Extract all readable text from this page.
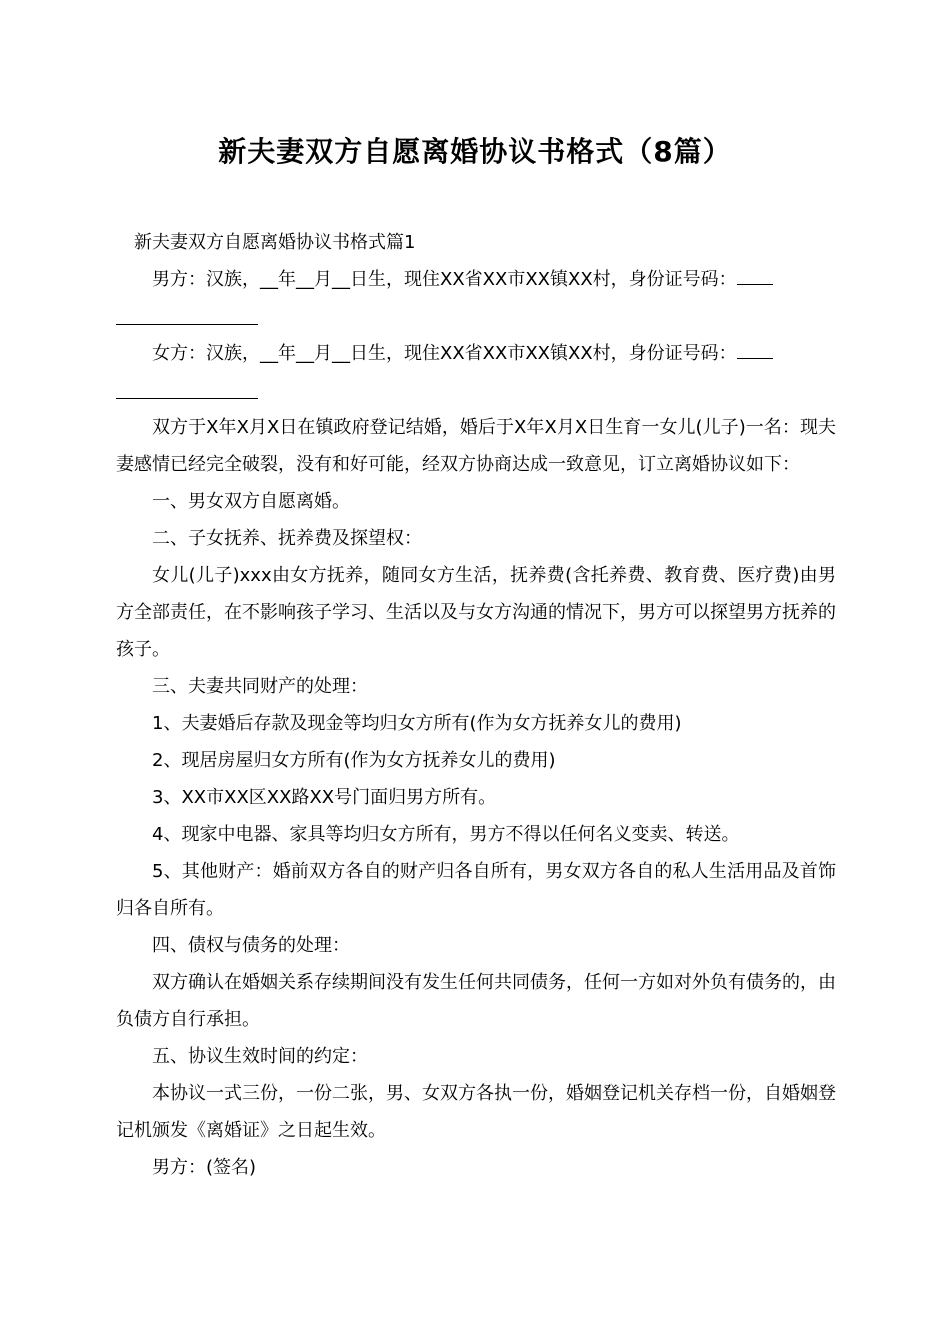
新夫妻双方自愿离婚协议书格式（8篇）

新夫妻双方自愿离婚协议书格式篇1

男方：汉族，__年__月__日生，现住XX省XX市XX镇XX村，身份证号码：

女方：汉族，__年__月__日生，现住XX省XX市XX镇XX村，身份证号码：

双方于X年X月X日在镇政府登记结婚，婚后于X年X月X日生育一女儿(儿子)一名：现夫妻感情已经完全破裂，没有和好可能，经双方协商达成一致意见，订立离婚协议如下：

一、男女双方自愿离婚。

二、子女抚养、抚养费及探望权：

女儿(儿子)xxx由女方抚养，随同女方生活，抚养费(含托养费、教育费、医疗费)由男方全部责任，在不影响孩子学习、生活以及与女方沟通的情况下，男方可以探望男方抚养的孩子。

三、夫妻共同财产的处理：

1、夫妻婚后存款及现金等均归女方所有(作为女方抚养女儿的费用)

2、现居房屋归女方所有(作为女方抚养女儿的费用)

3、XX市XX区XX路XX号门面归男方所有。

4、现家中电器、家具等均归女方所有，男方不得以任何名义变卖、转送。

5、其他财产：婚前双方各自的财产归各自所有，男女双方各自的私人生活用品及首饰归各自所有。

四、债权与债务的处理：

双方确认在婚姻关系存续期间没有发生任何共同债务，任何一方如对外负有债务的，由负债方自行承担。

五、协议生效时间的约定：

本协议一式三份，一份二张，男、女双方各执一份，婚姻登记机关存档一份，自婚姻登记机颁发《离婚证》之日起生效。

男方：(签名)
